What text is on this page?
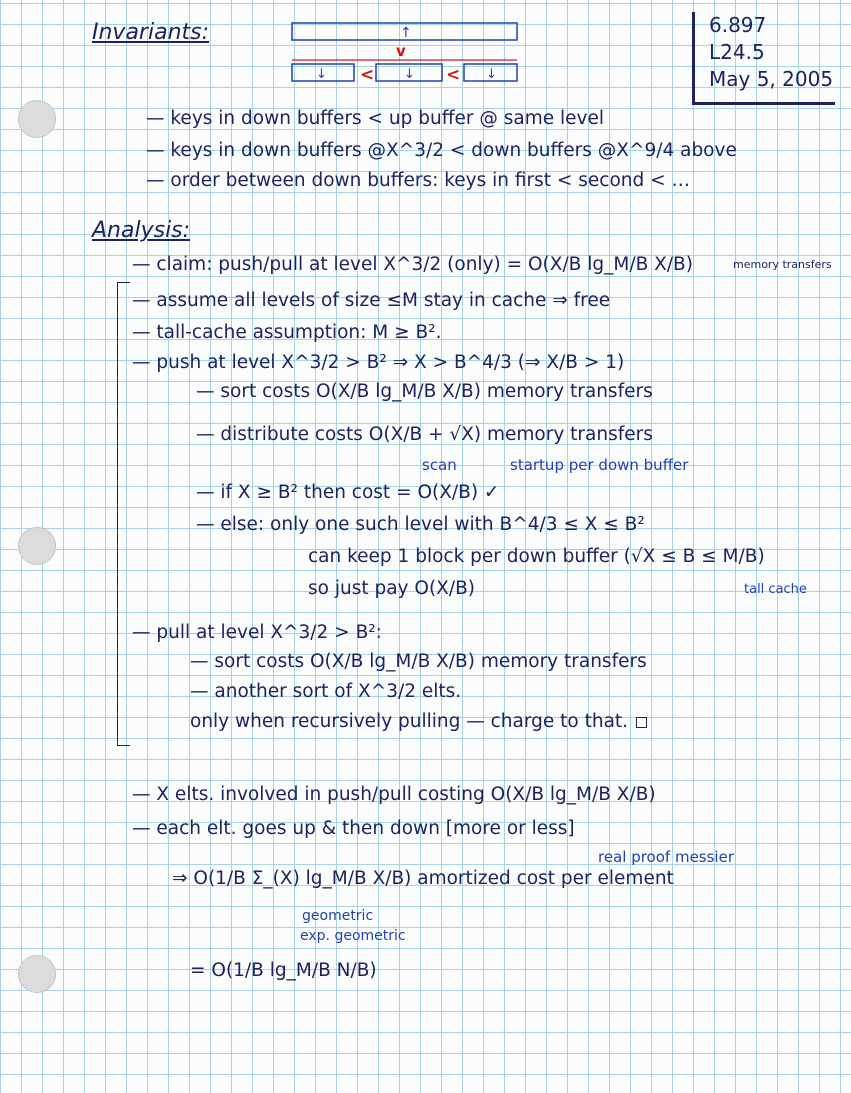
Invariants:	6.897
L24.5
May 5, 2005
↑
v
↓	↓	↓
<	<
— keys in down buffers < up buffer @ same level
— keys in down buffers @X^3/2 < down buffers @X^9/4 above
— order between down buffers: keys in first < second < …
Analysis:
— claim: push/pull at level X^3/2 (only) = O(X/B lg_M/B X/B)	memory transfers
— assume all levels of size ≤M stay in cache ⇒ free
— tall-cache assumption: M ≥ B².
— push at level X^3/2 > B² ⇒ X > B^4/3 (⇒ X/B > 1)
— sort costs O(X/B lg_M/B X/B) memory transfers
— distribute costs O(X/B + √X) memory transfers
scan	startup per down buffer
— if X ≥ B² then cost = O(X/B) ✓
— else: only one such level with B^4/3 ≤ X ≤ B²
can keep 1 block per down buffer (√X ≤ B ≤ M/B)
tall cache
so just pay O(X/B)
— pull at level X^3/2 > B²:
— sort costs O(X/B lg_M/B X/B) memory transfers
— another sort of X^3/2 elts.
only when recursively pulling — charge to that.
— X elts. involved in push/pull costing O(X/B lg_M/B X/B)
— each elt. goes up & then down [more or less]
real proof messier
⇒ O(1/B Σ_(X) lg_M/B X/B) amortized cost per element
geometric
exp. geometric
= O(1/B lg_M/B N/B)
